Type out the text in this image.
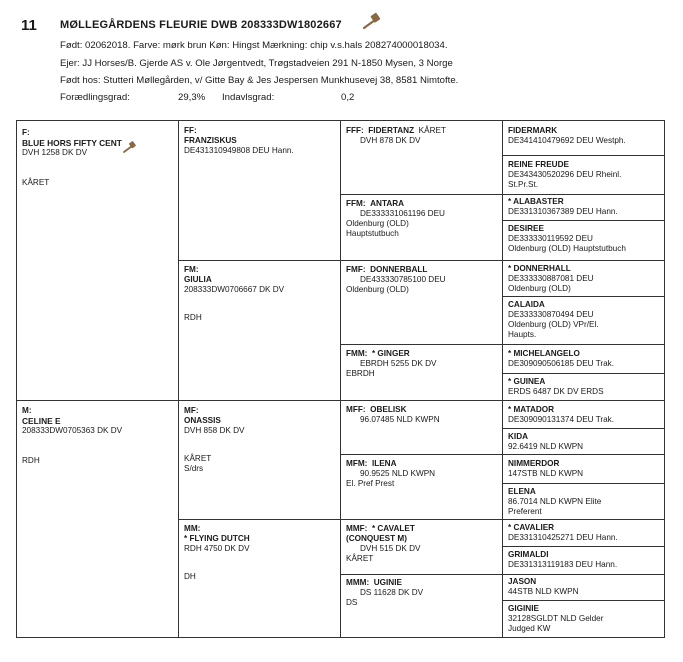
11 MØLLEGÅRDENS FLEURIE DWB 208333DW1802667
Født: 02062018. Farve: mørk brun Køn: Hingst Mærkning: chip v.s.hals 208274000018034.
Ejer: JJ Horses/B. Gjerde AS v. Ole Jørgentvedt, Trøgstadveien 291 N-1850 Mysen, 3 Norge
Født hos: Stutteri Møllegården, v/ Gitte Bay & Jes Jespersen Munkhusevej 38, 8581 Nimtofte.
Forædlingsgrad:	29,3% Indavlsgrad:	0,2
F:
BLUE HORS FIFTY CENT
DVH 1258 DK DV
KÅRET
M:
CELINE E
208333DW0705363 DK DV
RDH
FF:
FRANZISKUS
DE431310949808 DEU Hann.
FM:
GIULIA
208333DW0706667 DK DV
RDH
MF:
ONASSIS
DVH 858 DK DV
KÅRET
S/drs
MM:
* FLYING DUTCH
RDH 4750 DK DV
DH
FFF: FIDERTANZ KÅRET
DVH 878 DK DV
FFM: ANTARA
DE333331061196 DEU
Oldenburg (OLD)
Hauptstutbuch
FMF: DONNERBALL
DE433330785100 DEU
Oldenburg (OLD)
FMM: * GINGER
EBRDH 5255 DK DV
EBRDH
MFF: OBELISK
96.07485 NLD KWPN
MFM: ILENA
90.9525 NLD KWPN
El. Pref Prest
MMF: * CAVALET
(CONQUEST M)
DVH 515 DK DV
KÅRET
MMM: UGINIE
DS 11628 DK DV
DS
FIDERMARK
DE341410479692 DEU Westph.
REINE FREUDE
DE343430520296 DEU Rheinl.
St.Pr.St.
* ALABASTER
DE331310367389 DEU Hann.
DESIREE
DE333330119592 DEU
Oldenburg (OLD) Hauptstutbuch
* DONNERHALL
DE333330887081 DEU
Oldenburg (OLD)
CALAIDA
DE333330870494 DEU
Oldenburg (OLD) VPr/El.
Haupts.
* MICHELANGELO
DE309090506185 DEU Trak.
* GUINEA
ERDS 6487 DK DV ERDS
* MATADOR
DE309090131374 DEU Trak.
KIDA
92.6419 NLD KWPN
NIMMERDOR
147STB NLD KWPN
ELENA
86.7014 NLD KWPN Elite
Preferent
* CAVALIER
DE331310425271 DEU Hann.
GRIMALDI
DE331313119183 DEU Hann.
JASON
44STB NLD KWPN
GIGINIE
32128SGLDT NLD Gelder
Judged KW
